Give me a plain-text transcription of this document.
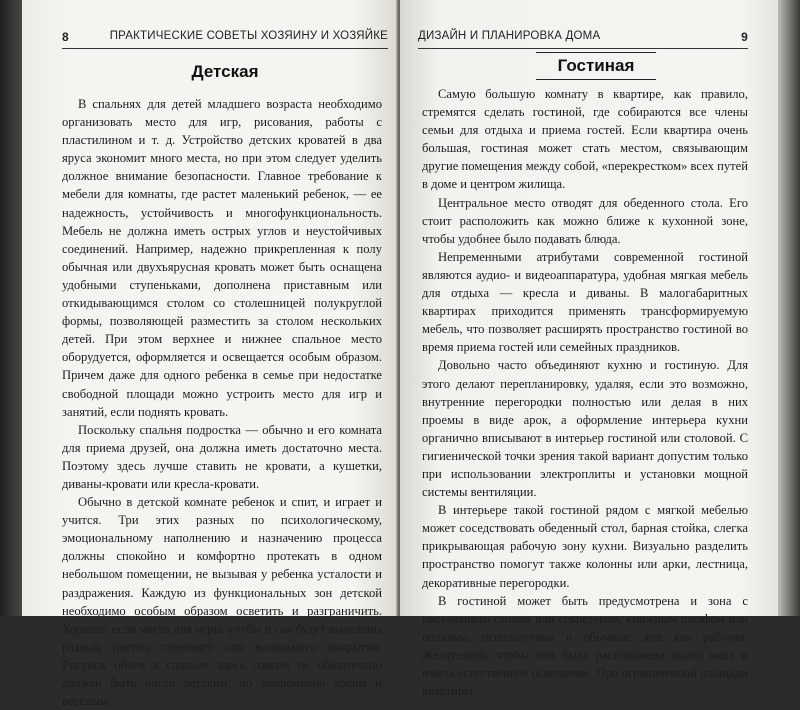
8	ПРАКТИЧЕСКИЕ СОВЕТЫ ХОЗЯИНУ И ХОЗЯЙКЕ
Детская

В спальнях для детей младшего возраста необходимо организовать место для игр, рисования, работы с пластилином и т. д. Устройство детских кроватей в два яруса экономит много места, но при этом следует уделить должное внимание безопасности. Главное требование к мебели для комнаты, где растет маленький ребенок, — ее надежность, устойчивость и многофункциональность. Мебель не должна иметь острых углов и неустойчивых соединений. Например, надежно прикрепленная к полу обычная или двухъярусная кровать может быть оснащена удобными ступеньками, дополнена приставным или откидывающимся столом со столешницей полукруглой формы, позволяющей разместить за столом нескольких детей. При этом верхнее и нижнее спальное место оборудуется, оформляется и освещается особым образом. Причем даже для одного ребенка в семье при недостатке свободной площади можно устроить место для игр и занятий, если поднять кровать.

Поскольку спальня подростка — обычно и его комната для приема друзей, она должна иметь достаточно места. Поэтому здесь лучше ставить не кровати, а кушетки, диваны-кровати или кресла-кровати.

Обычно в детской комнате ребенок и спит, и играет и учится. Три этих разных по психологическому, эмоциональному наполнению и назначению процесса должны спокойно и комфортно протекать в одном небольшом помещении, не вызывая у ребенка усталости и раздражения. Каждую из функциональных зон детской необходимо особым образом осветить и разграничить. Хорошо, если места для игры, учебы и сна будут выделены разным цветом стенового или напольного покрытия. Рисунок обоев в спальне здесь совсем не обязательно должен быть чисто детским, но непременно ярким и веселым.

ДИЗАЙН И ПЛАНИРОВКА ДОМА	9
Гостиная

Самую большую комнату в квартире, как правило, стремятся сделать гостиной, где собираются все члены семьи для отдыха и приема гостей. Если квартира очень большая, гостиная может стать местом, связывающим другие помещения между собой, «перекрестком» всех путей в доме и центром жилища.

Центральное место отводят для обеденного стола. Его стоит расположить как можно ближе к кухонной зоне, чтобы удобнее было подавать блюда.

Непременными атрибутами современной гостиной являются аудио- и видеоаппаратура, удобная мягкая мебель для отдыха — кресла и диваны. В малогабаритных квартирах приходится применять трансформируемую мебель, что позволяет расширять пространство гостиной во время приема гостей или семейных праздников.

Довольно часто объединяют кухню и гостиную. Для этого делают перепланировку, удаляя, если это возможно, внутренние перегородки полностью или делая в них проемы в виде арок, а оформление интерьера кухни органично вписывают в интерьер гостиной или столовой. С гигиенической точки зрения такой вариант допустим только при использовании электроплиты и установки мощной системы вентиляции.

В интерьере такой гостиной рядом с мягкой мебелью может соседствовать обеденный стол, барная стойка, слегка прикрывающая рабочую зону кухни. Визуально разделить пространство помогут также колонны или арки, лестница, декоративные перегородки.

В гостиной может быть предусмотрена и зона с письменным столом или секретером, книжным шкафом или полками, используемая в обычные дни как рабочая. Желательно, чтобы она была расположена около окна и имела естественное освещение. При ограниченной площади квартиры
